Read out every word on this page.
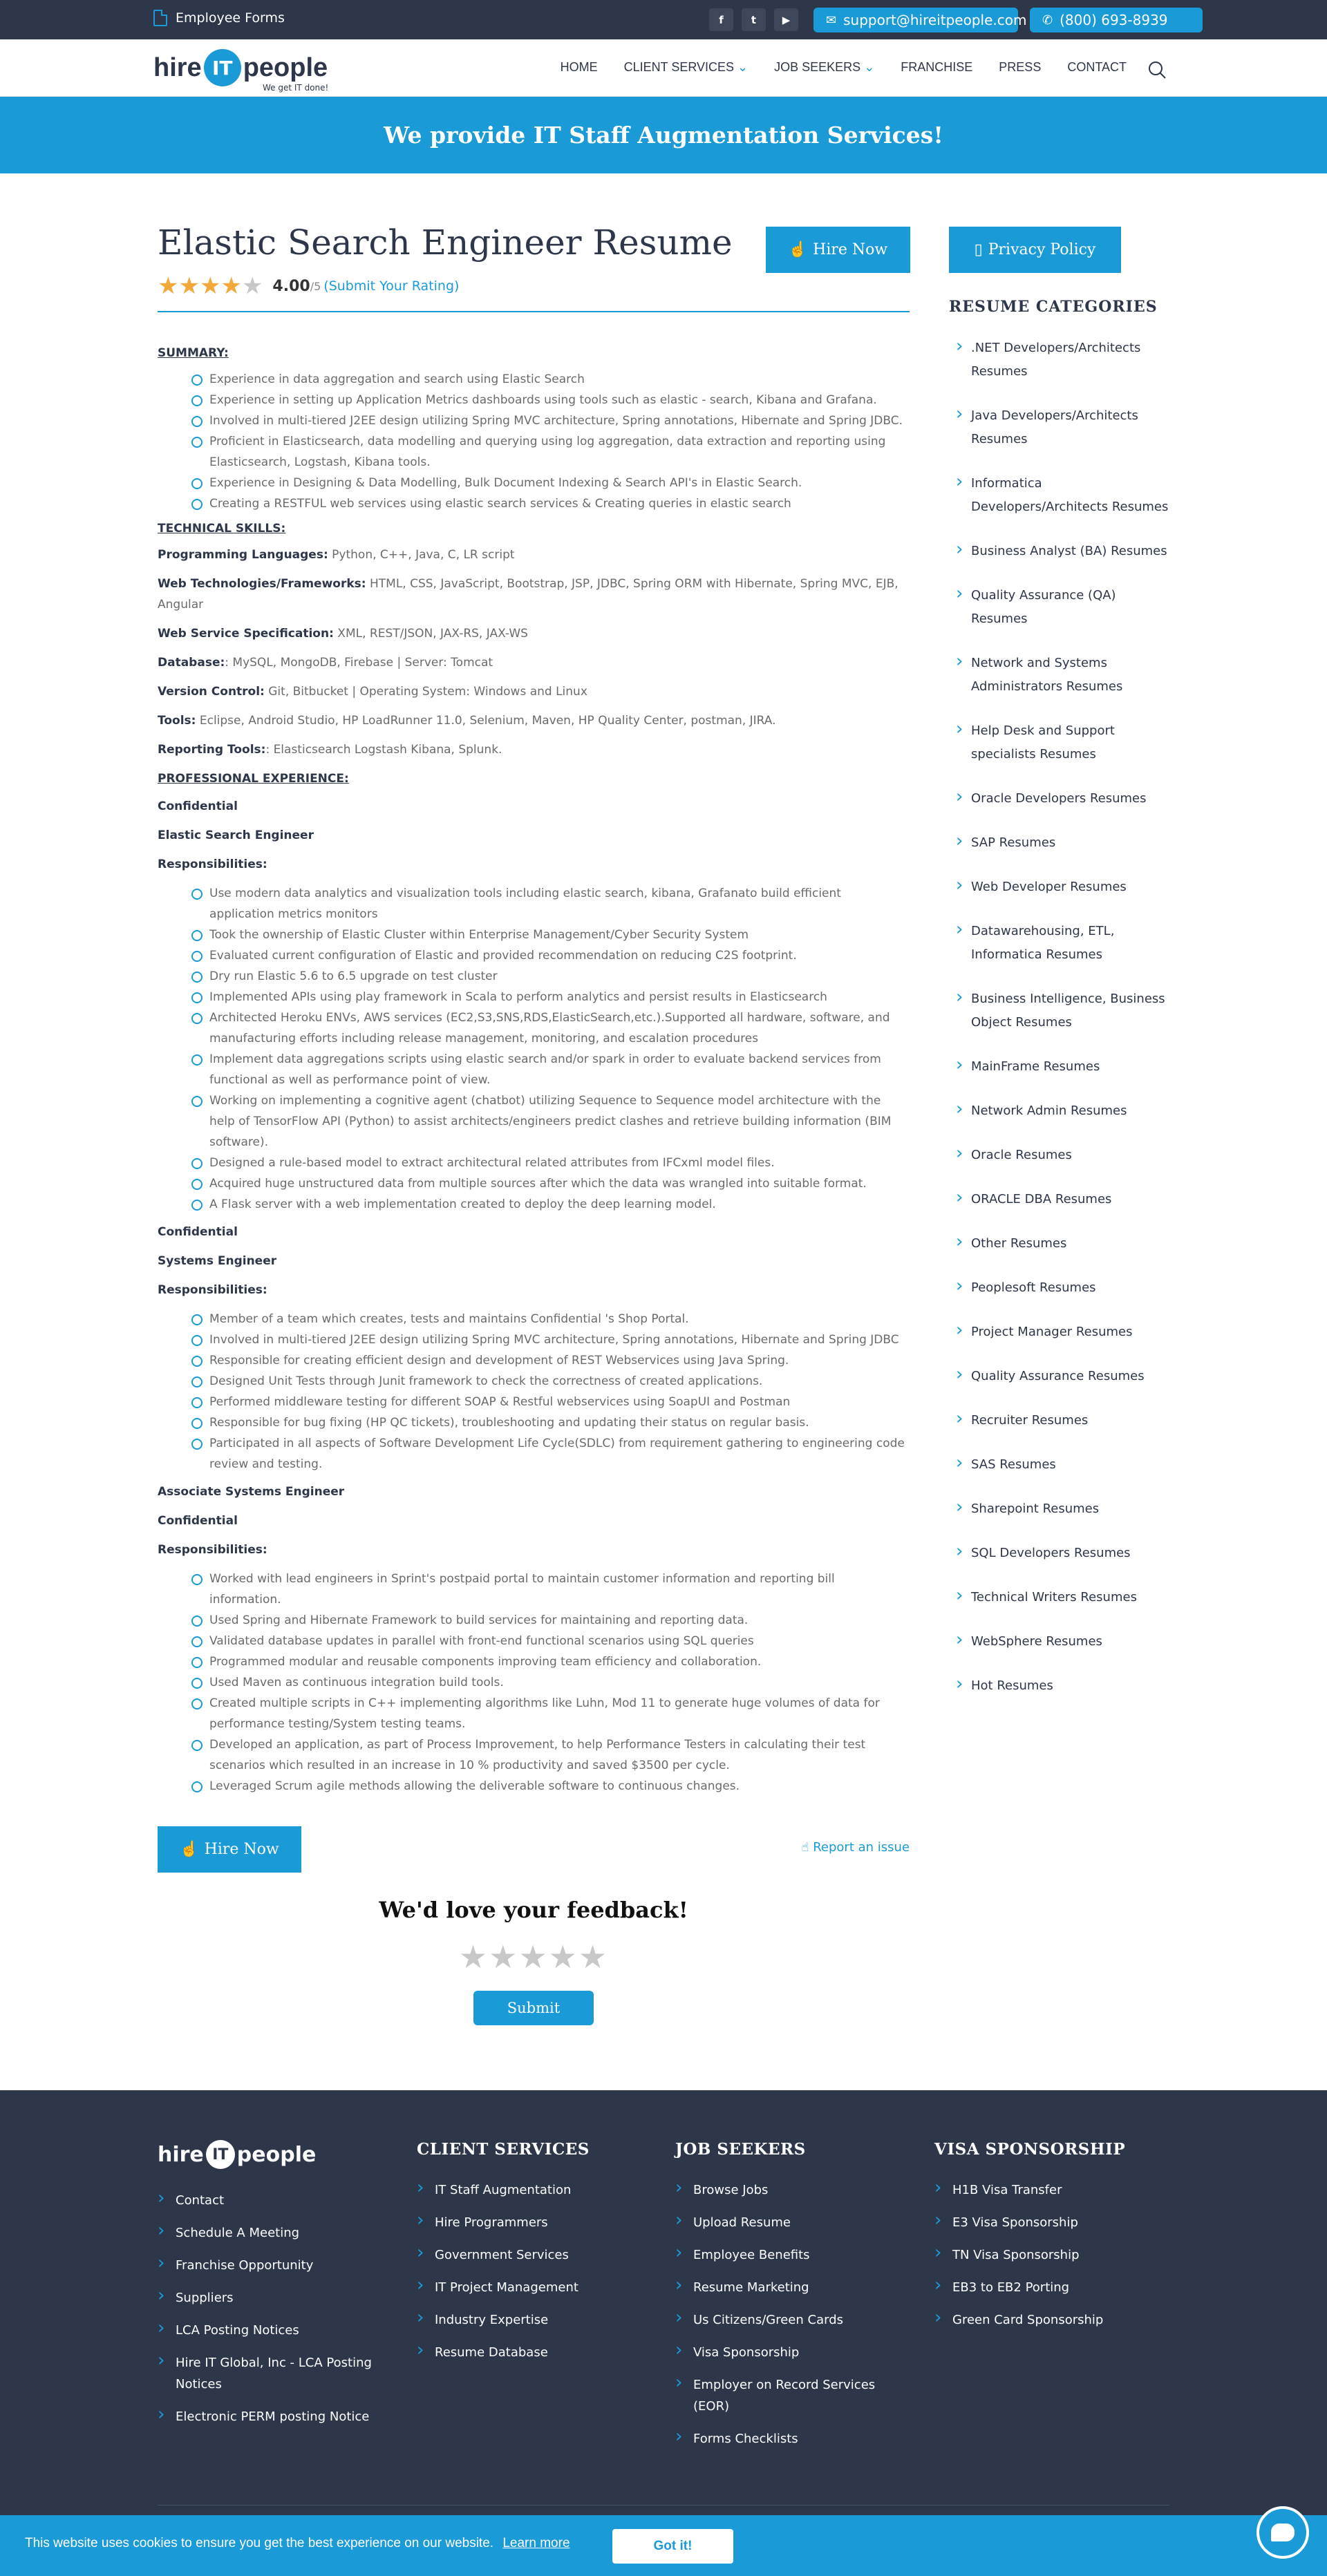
Employee Forms	f	t	▶	✉ support@hireitpeople.com ✆ (800) 693-8939
hire IT people
We get IT done!
HOME CLIENT SERVICES ⌄	JOB SEEKERS ⌄	FRANCHISE PRESS CONTACT
We provide IT Staff Augmentation Services!
Elastic Search Engineer Resume	☝ Hire Now
★★★★★ 4.00 /5 (Submit Your Rating)
SUMMARY:
Experience in data aggregation and search using Elastic Search
Experience in setting up Application Metrics dashboards using tools such as elastic - search, Kibana and Grafana.
Involved in multi-tiered J2EE design utilizing Spring MVC architecture, Spring annotations, Hibernate and Spring JDBC.
Proficient in Elasticsearch, data modelling and querying using log aggregation, data extraction and reporting using Elasticsearch, Logstash, Kibana tools.
Experience in Designing & Data Modelling, Bulk Document Indexing & Search API's in Elastic Search.
Creating a RESTFUL web services using elastic search services & Creating queries in elastic search
TECHNICAL SKILLS:
Programming Languages: Python, C++, Java, C, LR script
Web Technologies/Frameworks: HTML, CSS, JavaScript, Bootstrap, JSP, JDBC, Spring ORM with Hibernate, Spring MVC, EJB, Angular
Web Service Specification: XML, REST/JSON, JAX-RS, JAX-WS
Database:: MySQL, MongoDB, Firebase | Server: Tomcat
Version Control: Git, Bitbucket | Operating System: Windows and Linux
Tools: Eclipse, Android Studio, HP LoadRunner 11.0, Selenium, Maven, HP Quality Center, postman, JIRA.
Reporting Tools:: Elasticsearch Logstash Kibana, Splunk.
PROFESSIONAL EXPERIENCE:
Confidential
Elastic Search Engineer
Responsibilities:
Use modern data analytics and visualization tools including elastic search, kibana, Grafanato build efficient application metrics monitors
Took the ownership of Elastic Cluster within Enterprise Management/Cyber Security System
Evaluated current configuration of Elastic and provided recommendation on reducing C2S footprint.
Dry run Elastic 5.6 to 6.5 upgrade on test cluster
Implemented APIs using play framework in Scala to perform analytics and persist results in Elasticsearch
Architected Heroku ENVs, AWS services (EC2,S3,SNS,RDS,ElasticSearch,etc.).Supported all hardware, software, and manufacturing efforts including release management, monitoring, and escalation procedures
Implement data aggregations scripts using elastic search and/or spark in order to evaluate backend services from functional as well as performance point of view.
Working on implementing a cognitive agent (chatbot) utilizing Sequence to Sequence model architecture with the help of TensorFlow API (Python) to assist architects/engineers predict clashes and retrieve building information (BIM software).
Designed a rule-based model to extract architectural related attributes from IFCxml model files.
Acquired huge unstructured data from multiple sources after which the data was wrangled into suitable format.
A Flask server with a web implementation created to deploy the deep learning model.
Confidential
Systems Engineer
Responsibilities:
Member of a team which creates, tests and maintains Confidential 's Shop Portal.
Involved in multi-tiered J2EE design utilizing Spring MVC architecture, Spring annotations, Hibernate and Spring JDBC
Responsible for creating efficient design and development of REST Webservices using Java Spring.
Designed Unit Tests through Junit framework to check the correctness of created applications.
Performed middleware testing for different SOAP & Restful webservices using SoapUI and Postman
Responsible for bug fixing (HP QC tickets), troubleshooting and updating their status on regular basis.
Participated in all aspects of Software Development Life Cycle(SDLC) from requirement gathering to engineering code review and testing.
Associate Systems Engineer
Confidential
Responsibilities:
Worked with lead engineers in Sprint's postpaid portal to maintain customer information and reporting bill information.
Used Spring and Hibernate Framework to build services for maintaining and reporting data.
Validated database updates in parallel with front-end functional scenarios using SQL queries
Programmed modular and reusable components improving team efficiency and collaboration.
Used Maven as continuous integration build tools.
Created multiple scripts in C++ implementing algorithms like Luhn, Mod 11 to generate huge volumes of data for performance testing/System testing teams.
Developed an application, as part of Process Improvement, to help Performance Testers in calculating their test scenarios which resulted in an increase in 10 % productivity and saved $3500 per cycle.
Leveraged Scrum agile methods allowing the deliverable software to continuous changes.
☝ Hire Now	☝ Report an issue
We'd love your feedback!
★★★★★
Submit
▯ Privacy Policy
RESUME CATEGORIES
› .NET Developers/Architects Resumes
› Java Developers/Architects Resumes
› Informatica Developers/Architects Resumes
› Business Analyst (BA) Resumes
› Quality Assurance (QA) Resumes
› Network and Systems Administrators Resumes
› Help Desk and Support specialists Resumes
› Oracle Developers Resumes
› SAP Resumes
› Web Developer Resumes
› Datawarehousing, ETL, Informatica Resumes
› Business Intelligence, Business Object Resumes
› MainFrame Resumes
› Network Admin Resumes
› Oracle Resumes
› ORACLE DBA Resumes
› Other Resumes
› Peoplesoft Resumes
› Project Manager Resumes
› Quality Assurance Resumes
› Recruiter Resumes
› SAS Resumes
› Sharepoint Resumes
› SQL Developers Resumes
› Technical Writers Resumes
› WebSphere Resumes
› Hot Resumes
hire IT people
› Contact
› Schedule A Meeting
› Franchise Opportunity
› Suppliers
› LCA Posting Notices
› Hire IT Global, Inc - LCA Posting Notices
› Electronic PERM posting Notice
CLIENT SERVICES
› IT Staff Augmentation
› Hire Programmers
› Government Services
› IT Project Management
› Industry Expertise
› Resume Database
JOB SEEKERS
› Browse Jobs
› Upload Resume
› Employee Benefits
› Resume Marketing
› Us Citizens/Green Cards
› Visa Sponsorship
› Employer on Record Services (EOR)
› Forms Checklists
VISA SPONSORSHIP
› H1B Visa Transfer
› E3 Visa Sponsorship
› TN Visa Sponsorship
› EB3 to EB2 Porting
› Green Card Sponsorship
This website uses cookies to ensure you get the best experience on our website. Learn more	Got it!
